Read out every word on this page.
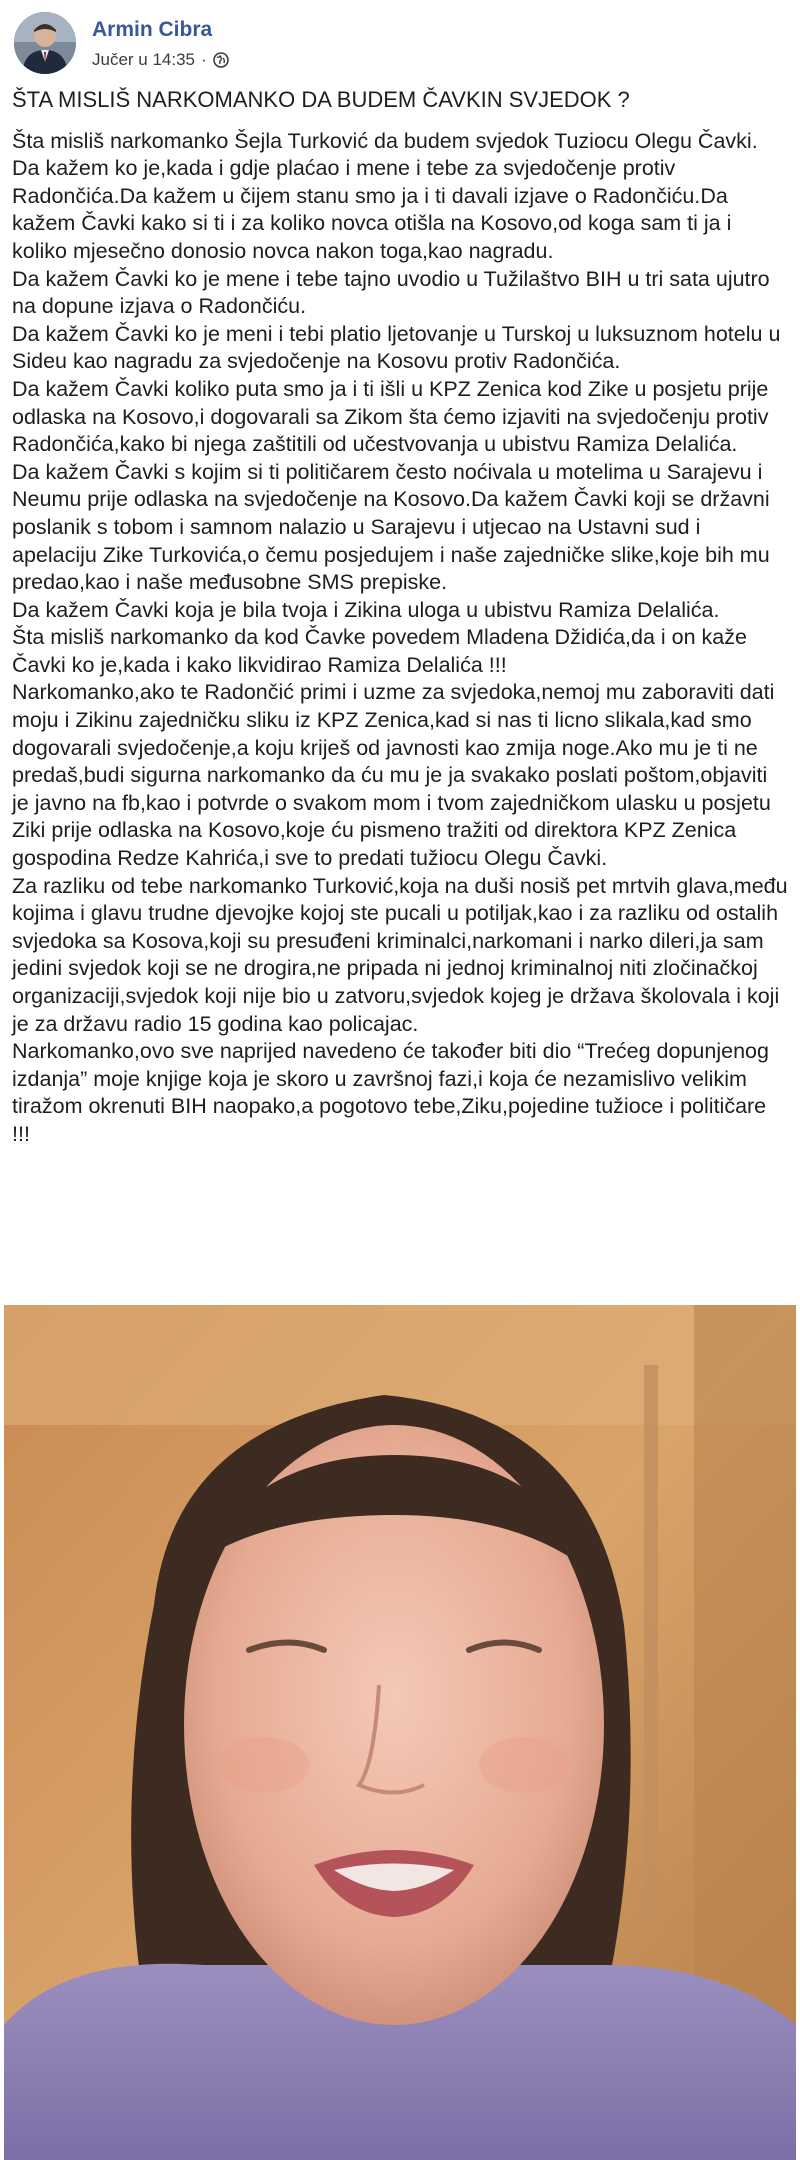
Armin Cibra
Jučer u 14:35 ·

ŠTA MISLIŠ NARKOMANKO DA BUDEM ČAVKIN SVJEDOK ?

Šta misliš narkomanko Šejla Turković da budem svjedok Tuziocu Olegu Čavki.

Da kažem ko je,kada i gdje plaćao i mene i tebe za svjedočenje protiv Radončića.Da kažem u čijem stanu smo ja i ti davali izjave o Radončiću.Da kažem Čavki kako si ti i za koliko novca otišla na Kosovo,od koga sam ti ja i koliko mjesečno donosio novca nakon toga,kao nagradu.

Da kažem Čavki ko je mene i tebe tajno uvodio u Tužilaštvo BIH u tri sata ujutro na dopune izjava o Radončiću.

Da kažem Čavki ko je meni i tebi platio ljetovanje u Turskoj u luksuznom hotelu u Sideu kao nagradu za svjedočenje na Kosovu protiv Radončića.

Da kažem Čavki koliko puta smo ja i ti išli u KPZ Zenica kod Zike u posjetu prije odlaska na Kosovo,i dogovarali sa Zikom šta ćemo izjaviti na svjedočenju protiv Radončića,kako bi njega zaštitili od učestvovanja u ubistvu Ramiza Delalića.

Da kažem Čavki s kojim si ti političarem često noćivala u motelima u Sarajevu i Neumu prije odlaska na svjedočenje na Kosovo.Da kažem Čavki koji se državni poslanik s tobom i samnom nalazio u Sarajevu i utjecao na Ustavni sud i apelaciju Zike Turkovića,o čemu posjedujem i naše zajedničke slike,koje bih mu predao,kao i naše međusobne SMS prepiske.

Da kažem Čavki koja je bila tvoja i Zikina uloga u ubistvu Ramiza Delalića.

Šta misliš narkomanko da kod Čavke povedem Mladena Džidića,da i on kaže Čavki ko je,kada i kako likvidirao Ramiza Delalića !!!

Narkomanko,ako te Radončić primi i uzme za svjedoka,nemoj mu zaboraviti dati moju i Zikinu zajedničku sliku iz KPZ Zenica,kad si nas ti licno slikala,kad smo dogovarali svjedočenje,a koju kriješ od javnosti kao zmija noge.Ako mu je ti ne predaš,budi sigurna narkomanko da ću mu je ja svakako poslati poštom,objaviti je javno na fb,kao i potvrde o svakom mom i tvom zajedničkom ulasku u posjetu Ziki prije odlaska na Kosovo,koje ću pismeno tražiti od direktora KPZ Zenica gospodina Redze Kahrića,i sve to predati tužiocu Olegu Čavki.

Za razliku od tebe narkomanko Turković,koja na duši nosiš pet mrtvih glava,među kojima i glavu trudne djevojke kojoj ste pucali u potiljak,kao i za razliku od ostalih svjedoka sa Kosova,koji su presuđeni kriminalci,narkomani i narko dileri,ja sam jedini svjedok koji se ne drogira,ne pripada ni jednoj kriminalnoj niti zločinačkoj organizaciji,svjedok koji nije bio u zatvoru,svjedok kojeg je država školovala i koji je za državu radio 15 godina kao policajac.

Narkomanko,ovo sve naprijed navedeno će također biti dio “Trećeg dopunjenog izdanja” moje knjige koja je skoro u završnoj fazi,i koja će nezamislivo velikim tiražom okrenuti BIH naopako,a pogotovo tebe,Ziku,pojedine tužioce i političare !!!
